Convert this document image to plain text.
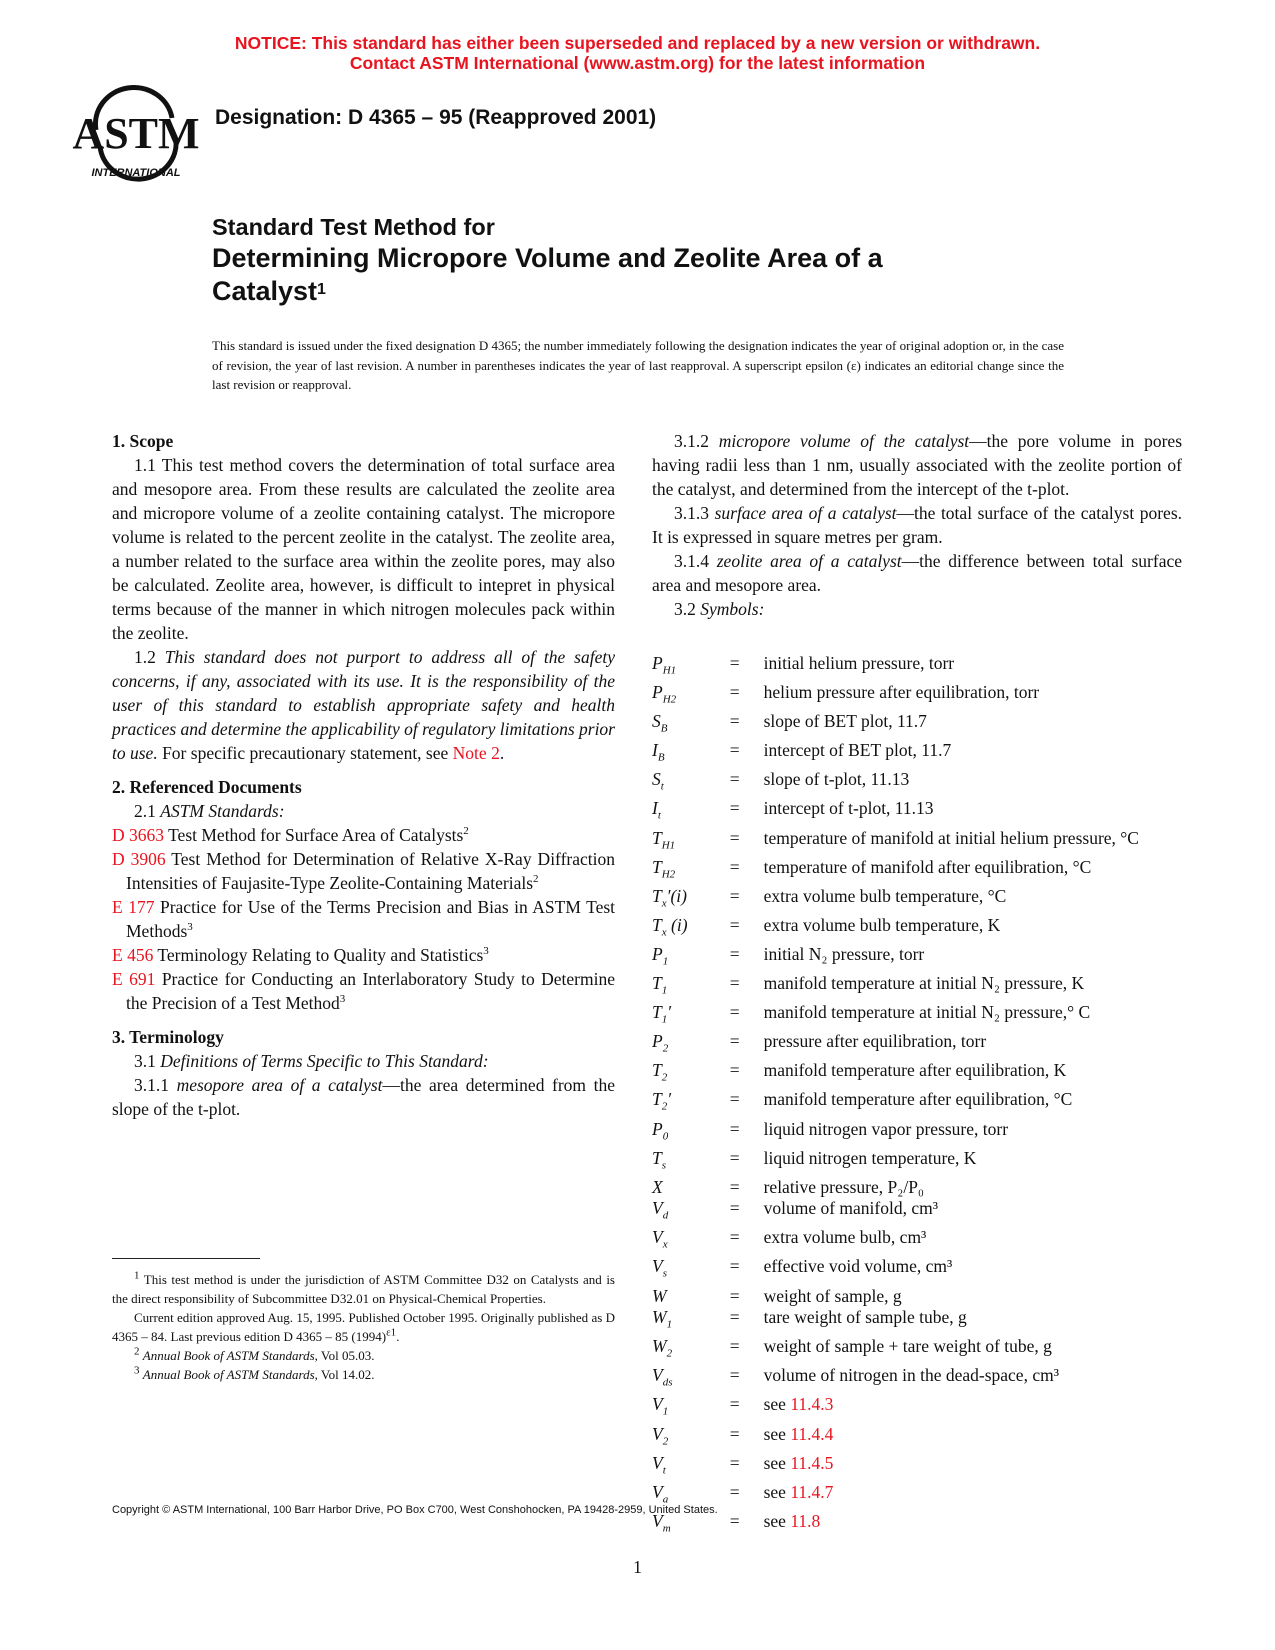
NOTICE: This standard has either been superseded and replaced by a new version or withdrawn.
Contact ASTM International (www.astm.org) for the latest information
ASTM
INTERNATIONAL
Designation: D 4365 – 95 (Reapproved 2001)
Standard Test Method for
Determining Micropore Volume and Zeolite Area of a
Catalyst$^1$
This standard is issued under the fixed designation D 4365; the number immediately following the designation indicates the year of original adoption or, in the case of revision, the year of last revision. A number in parentheses indicates the year of last reapproval. A superscript epsilon (ε) indicates an editorial change since the last revision or reapproval.

1. Scope

1.1 This test method covers the determination of total surface area and mesopore area. From these results are calculated the zeolite area and micropore volume of a zeolite containing catalyst. The micropore volume is related to the percent zeolite in the catalyst. The zeolite area, a number related to the surface area within the zeolite pores, may also be calculated. Zeolite area, however, is difficult to intepret in physical terms because of the manner in which nitrogen molecules pack within the zeolite.

1.2 This standard does not purport to address all of the safety concerns, if any, associated with its use. It is the responsibility of the user of this standard to establish appropriate safety and health practices and determine the applicability of regulatory limitations prior to use. For specific precautionary statement, see Note 2.

2. Referenced Documents

2.1 ASTM Standards:

D 3663 Test Method for Surface Area of Catalysts$^2$

D 3906 Test Method for Determination of Relative X-Ray Diffraction Intensities of Faujasite-Type Zeolite-Containing Materials$^2$

E 177 Practice for Use of the Terms Precision and Bias in ASTM Test Methods$^3$

E 456 Terminology Relating to Quality and Statistics$^3$

E 691 Practice for Conducting an Interlaboratory Study to Determine the Precision of a Test Method$^3$

3. Terminology

3.1 Definitions of Terms Specific to This Standard:

3.1.1 mesopore area of a catalyst—the area determined from the slope of the t-plot.

$^1$ This test method is under the jurisdiction of ASTM Committee D32 on Catalysts and is the direct responsibility of Subcommittee D32.01 on Physical-Chemical Properties.

Current edition approved Aug. 15, 1995. Published October 1995. Originally published as D 4365 – 84. Last previous edition D 4365 – 85 $(1994)^{\varepsilon 1}$.

$^2$ Annual Book of ASTM Standards, Vol 05.03.

$^3$ Annual Book of ASTM Standards, Vol 14.02.

3.1.2 micropore volume of the catalyst—the pore volume in pores having radii less than 1 nm, usually associated with the zeolite portion of the catalyst, and determined from the intercept of the t-plot.

3.1.3 surface area of a catalyst—the total surface of the catalyst pores. It is expressed in square metres per gram.

3.1.4 zeolite area of a catalyst—the difference between total surface area and mesopore area.

3.2 Symbols:

$P_{H1}$	=	initial helium pressure, torr
$P_{H2}$	=	helium pressure after equilibration, torr
$S_B$	=	slope of BET plot, 11.7
$I_B$	=	intercept of BET plot, 11.7
$S_t$	=	slope of t-plot, 11.13
$I_t$	=	intercept of t-plot, 11.13
$T_{H1}$	=	temperature of manifold at initial helium pressure, °C
$T_{H2}$	=	temperature of manifold after equilibration, °C
$T_x'(i)$	=	extra volume bulb temperature, °C
$T_x$ (i)	=	extra volume bulb temperature, K
$P_1$	=	initial N₂ pressure, torr
$T_1$	=	manifold temperature at initial N₂ pressure, K
$T_1'$	=	manifold temperature at initial N₂ pressure,° C
$P_2$	=	pressure after equilibration, torr
$T_2$	=	manifold temperature after equilibration, K
$T_2'$	=	manifold temperature after equilibration, °C
$P_0$	=	liquid nitrogen vapor pressure, torr
$T_s$	=	liquid nitrogen temperature, K
X	=	relative pressure, P₂/P₀
$V_d$	=	volume of manifold, cm³
$V_x$	=	extra volume bulb, cm³
$V_s$	=	effective void volume, cm³
W	=	weight of sample, g
$W_1$	=	tare weight of sample tube, g
$W_2$	=	weight of sample + tare weight of tube, g
$V_{ds}$	=	volume of nitrogen in the dead-space, cm³
$V_1$	=	see 11.4.3
$V_2$	=	see 11.4.4
$V_t$	=	see 11.4.5
$V_a$	=	see 11.4.7
$V_m$	=	see 11.8
Copyright © ASTM International, 100 Barr Harbor Drive, PO Box C700, West Conshohocken, PA 19428-2959, United States.
1
